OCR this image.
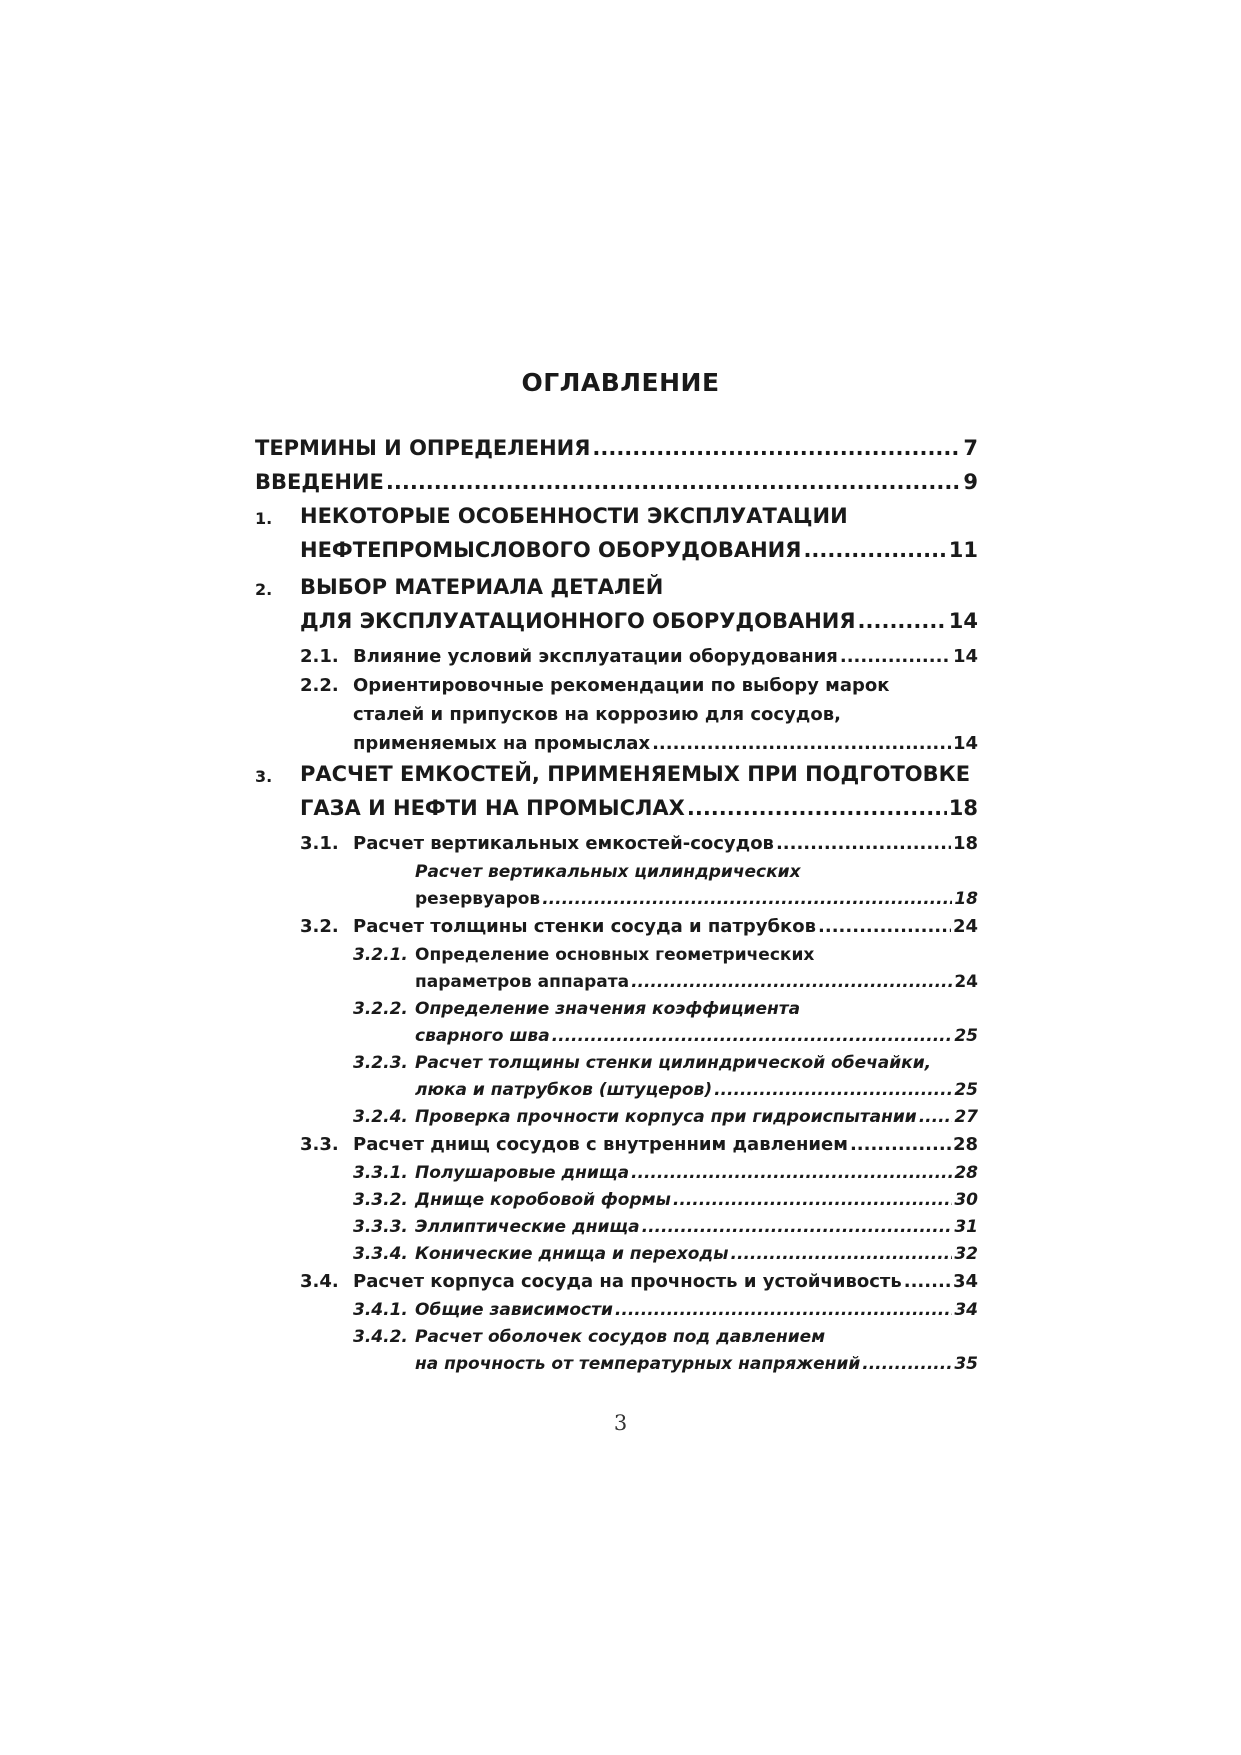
ОГЛАВЛЕНИЕ
ТЕРМИНЫ И ОПРЕДЕЛЕНИЯ .....	7
ВВЕДЕНИЕ .....	9
1. НЕКОТОРЫЕ ОСОБЕННОСТИ ЭКСПЛУАТАЦИИ
НЕФТЕПРОМЫСЛОВОГО ОБОРУДОВАНИЯ .....	11
2. ВЫБОР МАТЕРИАЛА ДЕТАЛЕЙ
ДЛЯ ЭКСПЛУАТАЦИОННОГО ОБОРУДОВАНИЯ .....	14
2.1. Влияние условий эксплуатации оборудования .....	14
2.2. Ориентировочные рекомендации по выбору марок
сталей и припусков на коррозию для сосудов,
применяемых на промыслах .....	14
3. РАСЧЕТ ЕМКОСТЕЙ, ПРИМЕНЯЕМЫХ ПРИ ПОДГОТОВКЕ
ГАЗА И НЕФТИ НА ПРОМЫСЛАХ .....	18
3.1. Расчет вертикальных емкостей-сосудов .....	18
Расчет вертикальных цилиндрических
резервуаров .....	18
3.2. Расчет толщины стенки сосуда и патрубков .....	24
3.2.1. Определение основных геометрических
параметров аппарата .....	24
3.2.2. Определение значения коэффициента
сварного шва .....	25
3.2.3. Расчет толщины стенки цилиндрической обечайки,
люка и патрубков (штуцеров) .....	25
3.2.4. Проверка прочности корпуса при гидроиспытании ..... 27
3.3. Расчет днищ сосудов с внутренним давлением .....	28
3.3.1. Полушаровые днища .....	28
3.3.2. Днище коробовой формы .....	30
3.3.3. Эллиптические днища .....	31
3.3.4. Конические днища и переходы .....	32
3.4. Расчет корпуса сосуда на прочность и устойчивость .....	34
3.4.1. Общие зависимости .....	34
3.4.2. Расчет оболочек сосудов под давлением
на прочность от температурных напряжений .....	35
3
